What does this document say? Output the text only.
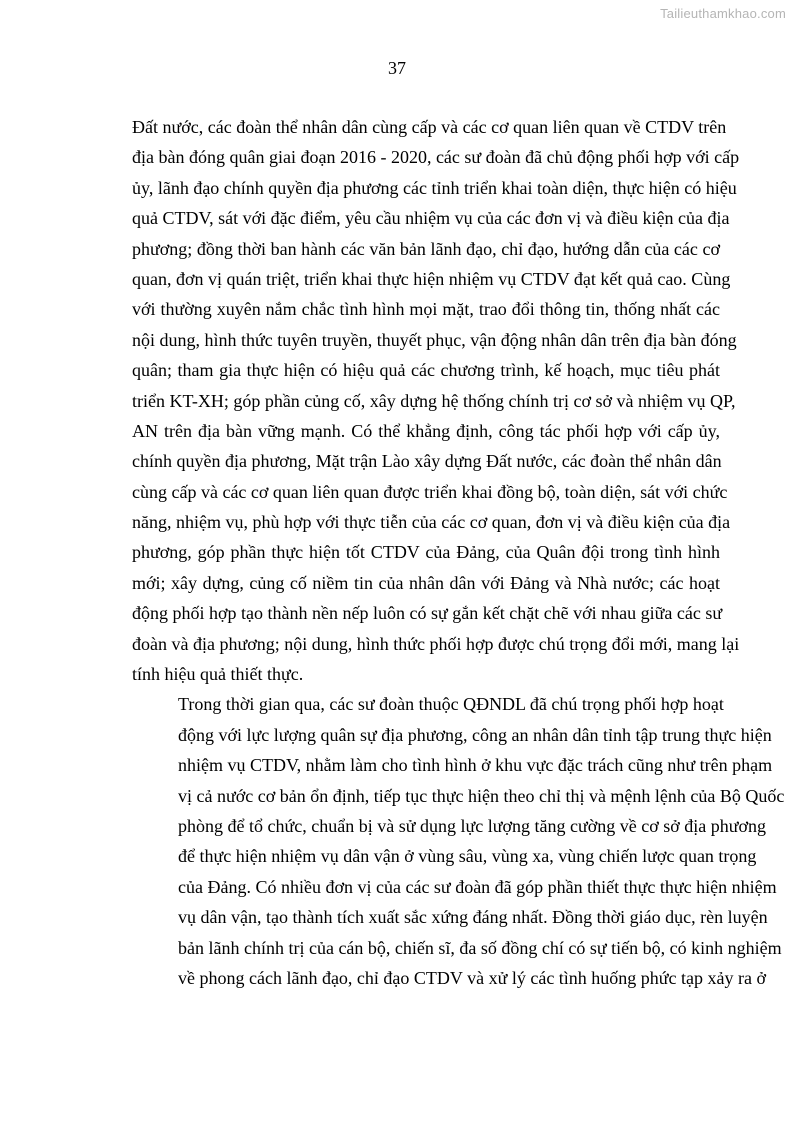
Tailieuthamkhao.com
37
Đất nước, các đoàn thể nhân dân cùng cấp và các cơ quan liên quan về CTDV trên
địa bàn đóng quân giai đoạn 2016 - 2020, các sư đoàn đã chủ động phối hợp với cấp
ủy, lãnh đạo chính quyền địa phương các tỉnh triển khai toàn diện, thực hiện có hiệu
quả CTDV, sát với đặc điểm, yêu cầu nhiệm vụ của các đơn vị và điều kiện của địa
phương; đồng thời ban hành các văn bản lãnh đạo, chỉ đạo, hướng dẫn của các cơ
quan, đơn vị quán triệt, triển khai thực hiện nhiệm vụ CTDV đạt kết quả cao. Cùng
với thường xuyên nắm chắc tình hình mọi mặt, trao đổi thông tin, thống nhất các
nội dung, hình thức tuyên truyền, thuyết phục, vận động nhân dân trên địa bàn đóng
quân; tham gia thực hiện có hiệu quả các chương trình, kế hoạch, mục tiêu phát
triển KT-XH; góp phần củng cố, xây dựng hệ thống chính trị cơ sở và nhiệm vụ QP,
AN trên địa bàn vững mạnh. Có thể khẳng định, công tác phối hợp với cấp ủy,
chính quyền địa phương, Mặt trận Lào xây dựng Đất nước, các đoàn thể nhân dân
cùng cấp và các cơ quan liên quan được triển khai đồng bộ, toàn diện, sát với chức
năng, nhiệm vụ, phù hợp với thực tiễn của các cơ quan, đơn vị và điều kiện của địa
phương, góp phần thực hiện tốt CTDV của Đảng, của Quân đội trong tình hình
mới; xây dựng, củng cố niềm tin của nhân dân với Đảng và Nhà nước; các hoạt
động phối hợp tạo thành nền nếp luôn có sự gắn kết chặt chẽ với nhau giữa các sư
đoàn và địa phương; nội dung, hình thức phối hợp được chú trọng đổi mới, mang lại
tính hiệu quả thiết thực.
Trong thời gian qua, các sư đoàn thuộc QĐNDL đã chú trọng phối hợp hoạt
động với lực lượng quân sự địa phương, công an nhân dân tỉnh tập trung thực hiện
nhiệm vụ CTDV, nhằm làm cho tình hình ở khu vực đặc trách cũng như trên phạm
vị cả nước cơ bản ổn định, tiếp tục thực hiện theo chỉ thị và mệnh lệnh của Bộ Quốc
phòng để tổ chức, chuẩn bị và sử dụng lực lượng tăng cường về cơ sở địa phương
để thực hiện nhiệm vụ dân vận ở vùng sâu, vùng xa, vùng chiến lược quan trọng
của Đảng. Có nhiều đơn vị của các sư đoàn đã góp phần thiết thực thực hiện nhiệm
vụ dân vận, tạo thành tích xuất sắc xứng đáng nhất. Đồng thời giáo dục, rèn luyện
bản lãnh chính trị của cán bộ, chiến sĩ, đa số đồng chí có sự tiến bộ, có kinh nghiệm
về phong cách lãnh đạo, chỉ đạo CTDV và xử lý các tình huống phức tạp xảy ra ở
